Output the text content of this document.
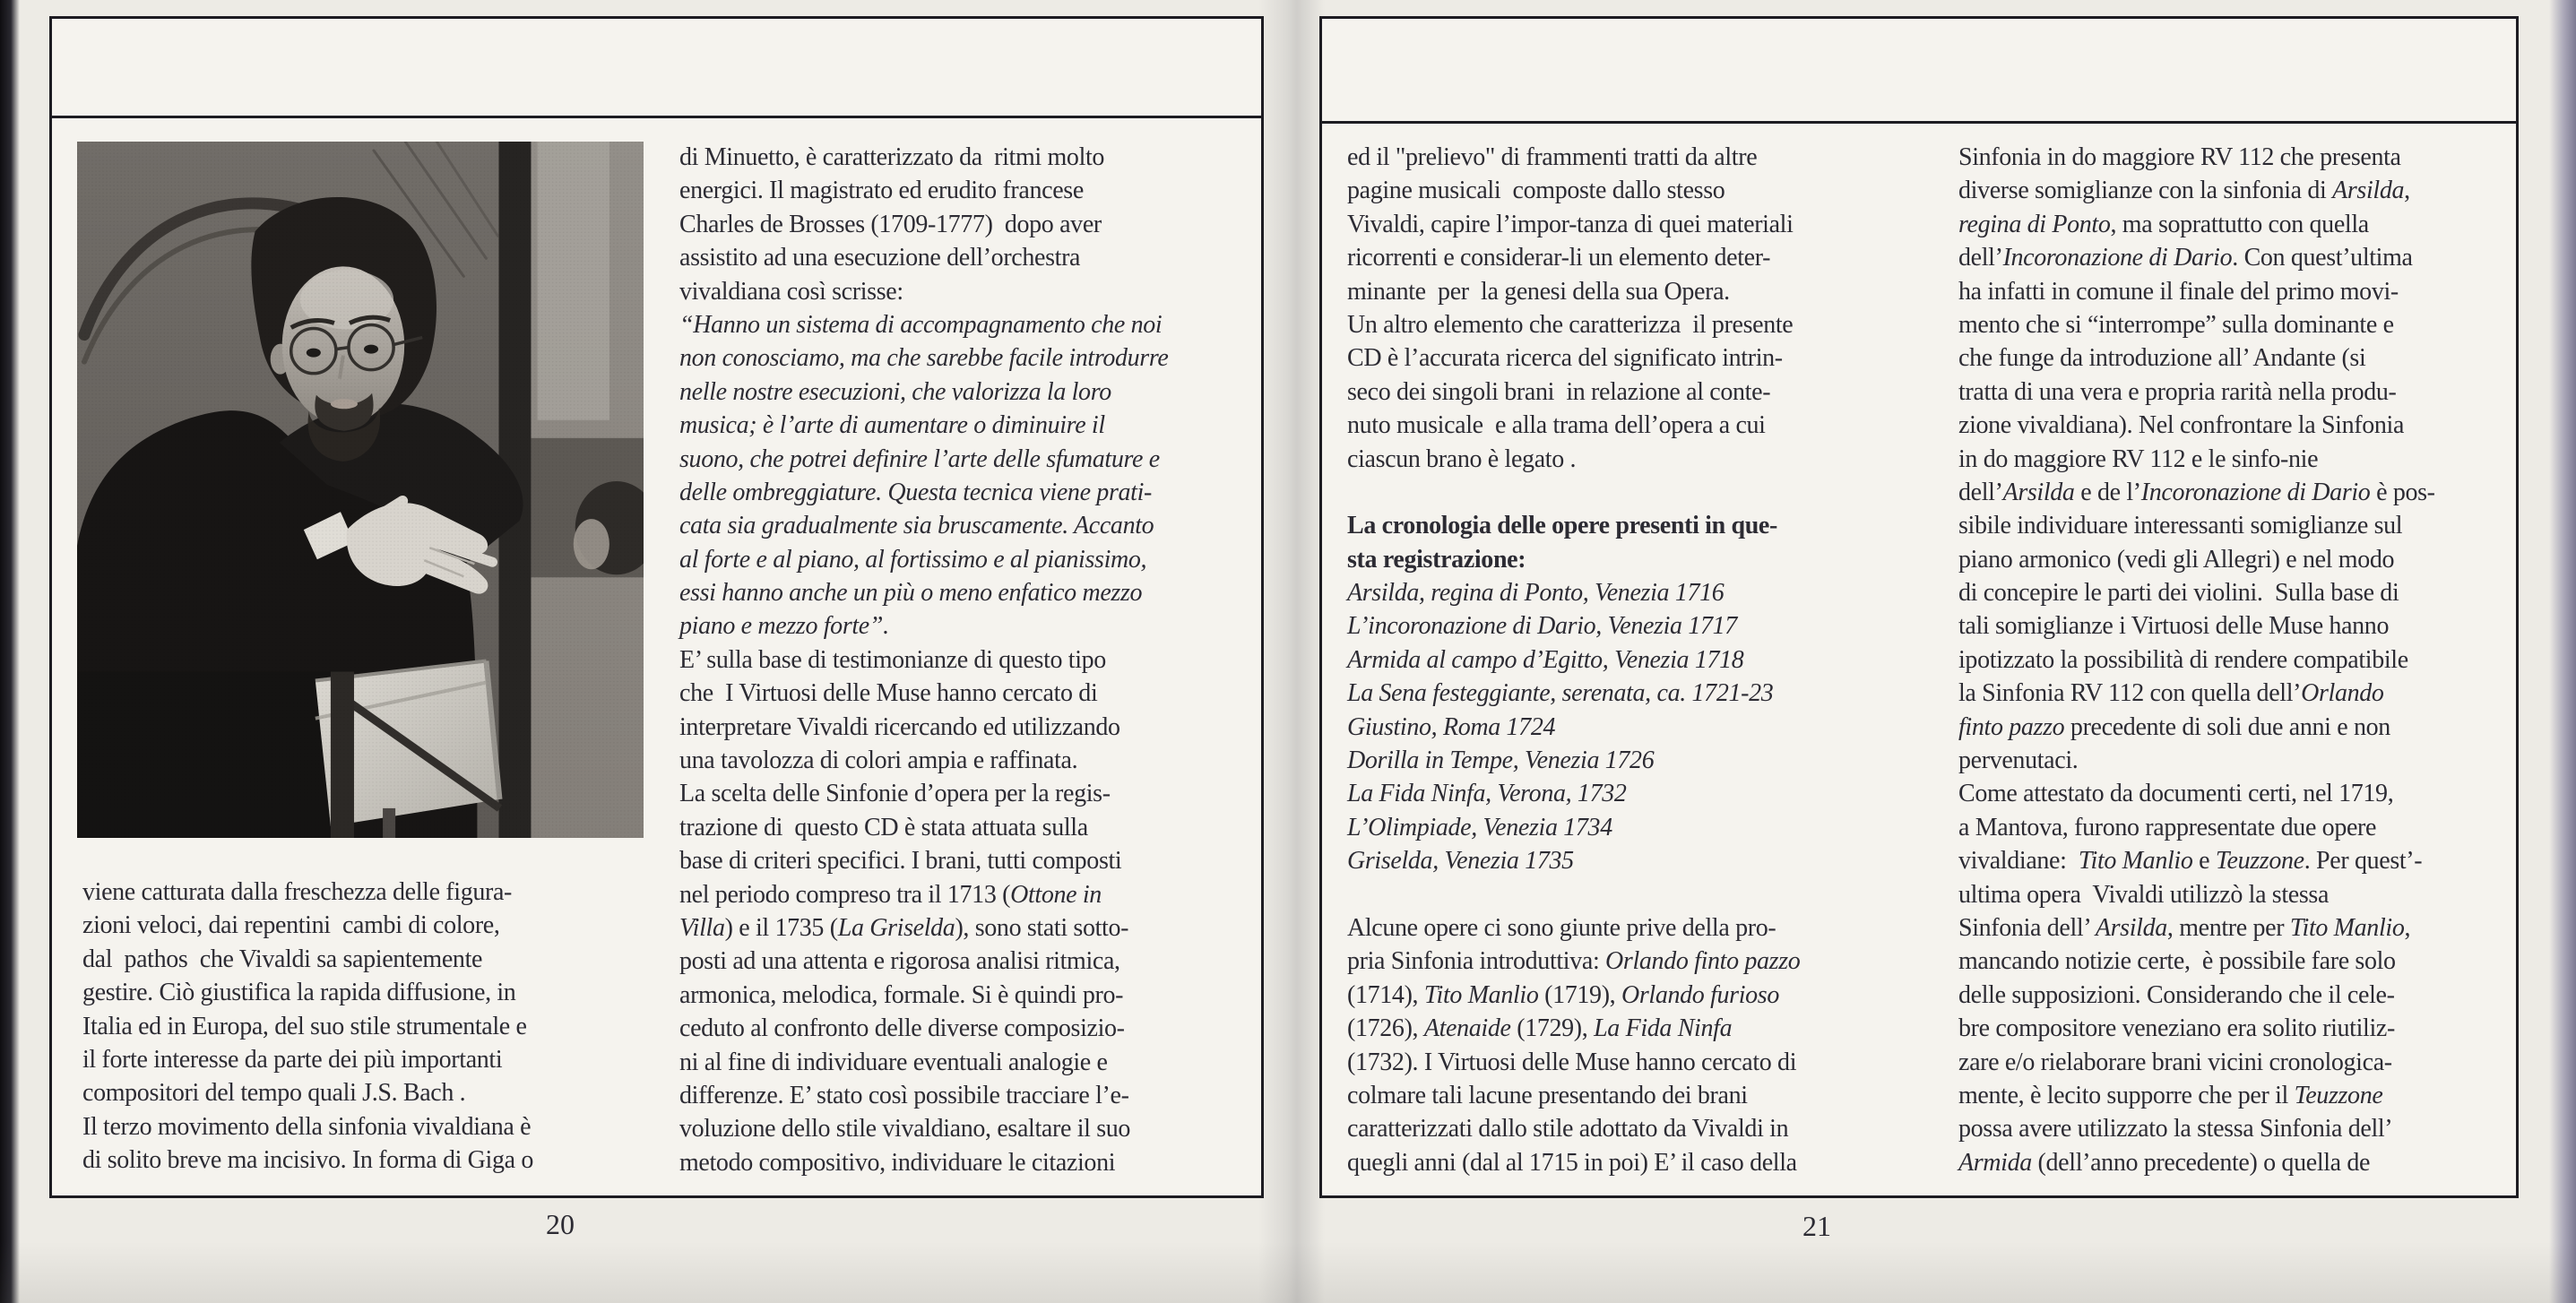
viene catturata dalla freschezza delle figura-
zioni veloci, dai repentini  cambi di colore,
dal  pathos  che Vivaldi sa sapientemente
gestire. Ciò giustifica la rapida diffusione, in
Italia ed in Europa, del suo stile strumentale e
il forte interesse da parte dei più importanti
compositori del tempo quali J.S. Bach .
Il terzo movimento della sinfonia vivaldiana è
di solito breve ma incisivo. In forma di Giga o
di Minuetto, è caratterizzato da  ritmi molto
energici. Il magistrato ed erudito francese
Charles de Brosses (1709-1777)  dopo aver
assistito ad una esecuzione dell’orchestra
vivaldiana così scrisse:
“Hanno un sistema di accompagnamento che noi
non conosciamo, ma che sarebbe facile introdurre
nelle nostre esecuzioni, che valorizza la loro
musica; è l’arte di aumentare o diminuire il
suono, che potrei definire l’arte delle sfumature e
delle ombreggiature. Questa tecnica viene prati-
cata sia gradualmente sia bruscamente. Accanto
al forte e al piano, al fortissimo e al pianissimo,
essi hanno anche un più o meno enfatico mezzo
piano e mezzo forte”.
E’ sulla base di testimonianze di questo tipo
che  I Virtuosi delle Muse hanno cercato di
interpretare Vivaldi ricercando ed utilizzando
una tavolozza di colori ampia e raffinata.
La scelta delle Sinfonie d’opera per la regis-
trazione di  questo CD è stata attuata sulla
base di criteri specifici. I brani, tutti composti
nel periodo compreso tra il 1713 (Ottone in
Villa) e il 1735 (La Griselda), sono stati sotto-
posti ad una attenta e rigorosa analisi ritmica,
armonica, melodica, formale. Si è quindi pro-
ceduto al confronto delle diverse composizio-
ni al fine di individuare eventuali analogie e
differenze. E’ stato così possibile tracciare l’e-
voluzione dello stile vivaldiano, esaltare il suo
metodo compositivo, individuare le citazioni
ed il "prelievo" di frammenti tratti da altre
pagine musicali  composte dallo stesso
Vivaldi, capire l’impor-tanza di quei materiali
ricorrenti e considerar-li un elemento deter-
minante  per  la genesi della sua Opera.
Un altro elemento che caratterizza  il presente
CD è l’accurata ricerca del significato intrin-
seco dei singoli brani  in relazione al conte-
nuto musicale  e alla trama dell’opera a cui
ciascun brano è legato .
La cronologia delle opere presenti in que-
sta registrazione:
Arsilda, regina di Ponto, Venezia 1716
L’incoronazione di Dario, Venezia 1717
Armida al campo d’Egitto, Venezia 1718
La Sena festeggiante, serenata, ca. 1721-23
Giustino, Roma 1724
Dorilla in Tempe, Venezia 1726
La Fida Ninfa, Verona, 1732
L’Olimpiade, Venezia 1734
Griselda, Venezia 1735
Alcune opere ci sono giunte prive della pro-
pria Sinfonia introduttiva: Orlando finto pazzo
(1714), Tito Manlio (1719), Orlando furioso
(1726), Atenaide (1729), La Fida Ninfa
(1732). I Virtuosi delle Muse hanno cercato di
colmare tali lacune presentando dei brani
caratterizzati dallo stile adottato da Vivaldi in
quegli anni (dal al 1715 in poi) E’ il caso della
Sinfonia in do maggiore RV 112 che presenta
diverse somiglianze con la sinfonia di Arsilda,
regina di Ponto, ma soprattutto con quella
dell’Incoronazione di Dario. Con quest’ultima
ha infatti in comune il finale del primo movi-
mento che si “interrompe” sulla dominante e
che funge da introduzione all’ Andante (si
tratta di una vera e propria rarità nella produ-
zione vivaldiana). Nel confrontare la Sinfonia
in do maggiore RV 112 e le sinfo-nie
dell’Arsilda e de l’Incoronazione di Dario è pos-
sibile individuare interessanti somiglianze sul
piano armonico (vedi gli Allegri) e nel modo
di concepire le parti dei violini.  Sulla base di
tali somiglianze i Virtuosi delle Muse hanno
ipotizzato la possibilità di rendere compatibile
la Sinfonia RV 112 con quella dell’Orlando
finto pazzo precedente di soli due anni e non
pervenutaci.
Come attestato da documenti certi, nel 1719,
a Mantova, furono rappresentate due opere
vivaldiane:  Tito Manlio e Teuzzone. Per quest’-
ultima opera  Vivaldi utilizzò la stessa
Sinfonia dell’ Arsilda, mentre per Tito Manlio,
mancando notizie certe,  è possibile fare solo
delle supposizioni. Considerando che il cele-
bre compositore veneziano era solito riutiliz-
zare e/o rielaborare brani vicini cronologica-
mente, è lecito supporre che per il Teuzzone
possa avere utilizzato la stessa Sinfonia dell’
Armida (dell’anno precedente) o quella de
20	21
